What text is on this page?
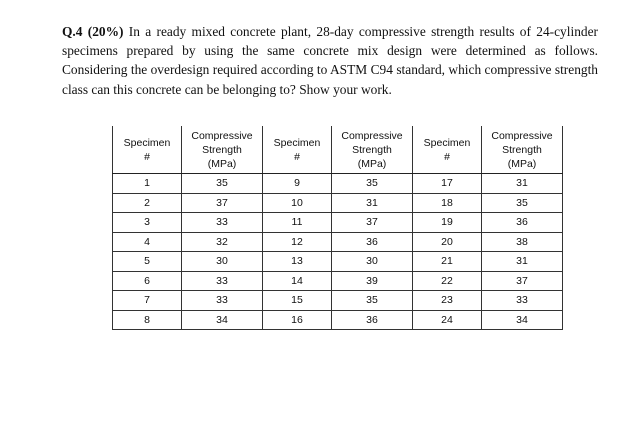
Q.4 (20%) In a ready mixed concrete plant, 28-day compressive strength results of 24-cylinder specimens prepared by using the same concrete mix design were determined as follows. Considering the overdesign required according to ASTM C94 standard, which compressive strength class can this concrete can be belonging to? Show your work.
Specimen
#	Compressive
Strength
(MPa)	Specimen
#	Compressive
Strength
(MPa)	Specimen
#	Compressive
Strength
(MPa)

1	35	9	35	17	31
2	37	10	31	18	35
3	33	11	37	19	36
4	32	12	36	20	38
5	30	13	30	21	31
6	33	14	39	22	37
7	33	15	35	23	33
8	34	16	36	24	34
